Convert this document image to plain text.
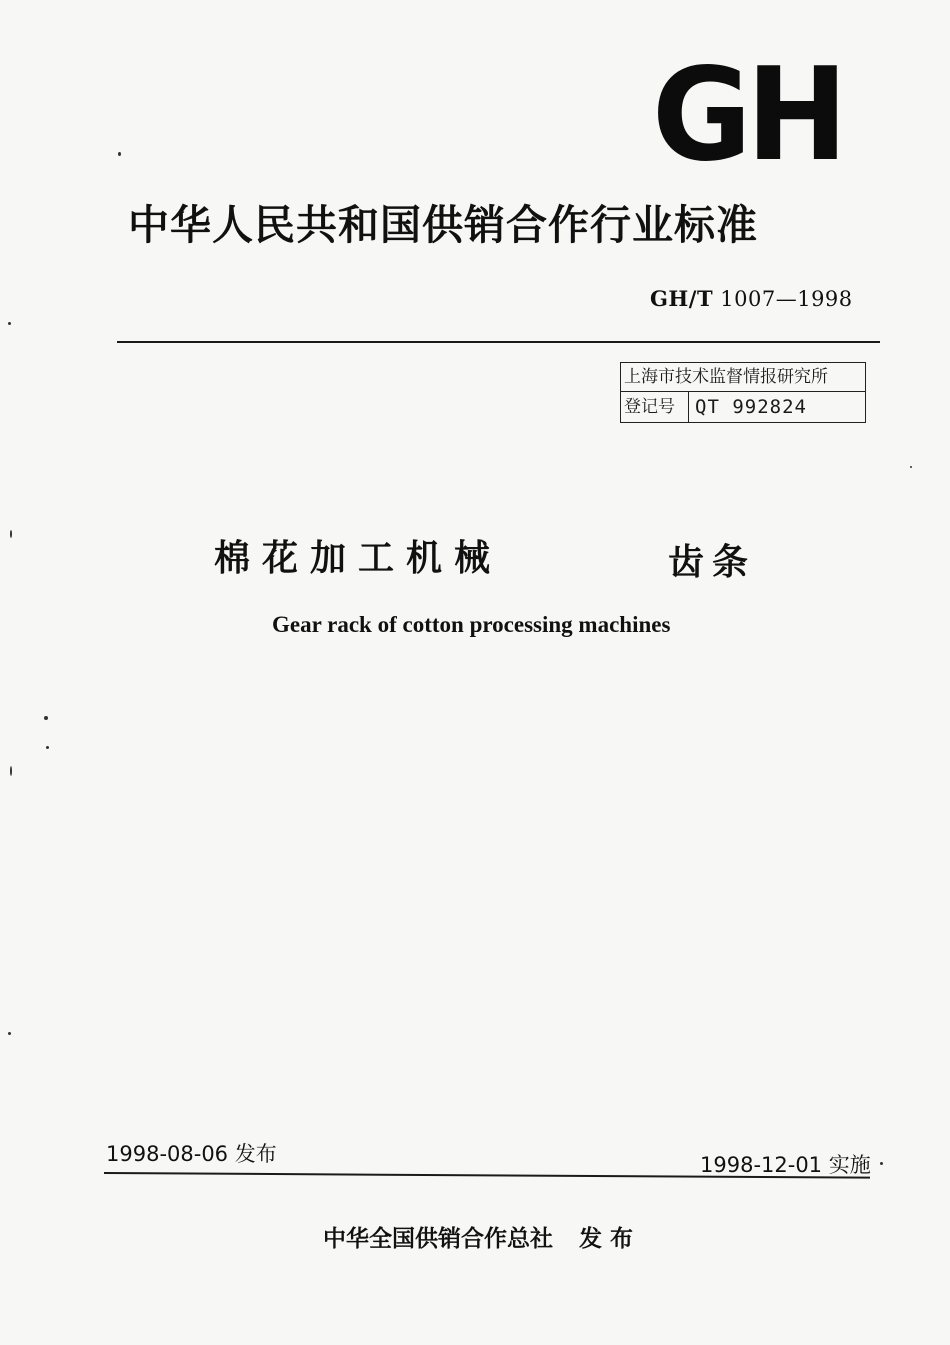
GH
中华人民共和国供销合作行业标准
GH/T 1007—1998
上海市技术监督情报研究所
登记号	QT 992824
棉花加工机械	齿条
Gear rack of cotton processing machines
1998-08-06 发布	1998-12-01 实施
中华全国供销合作总社 发布
